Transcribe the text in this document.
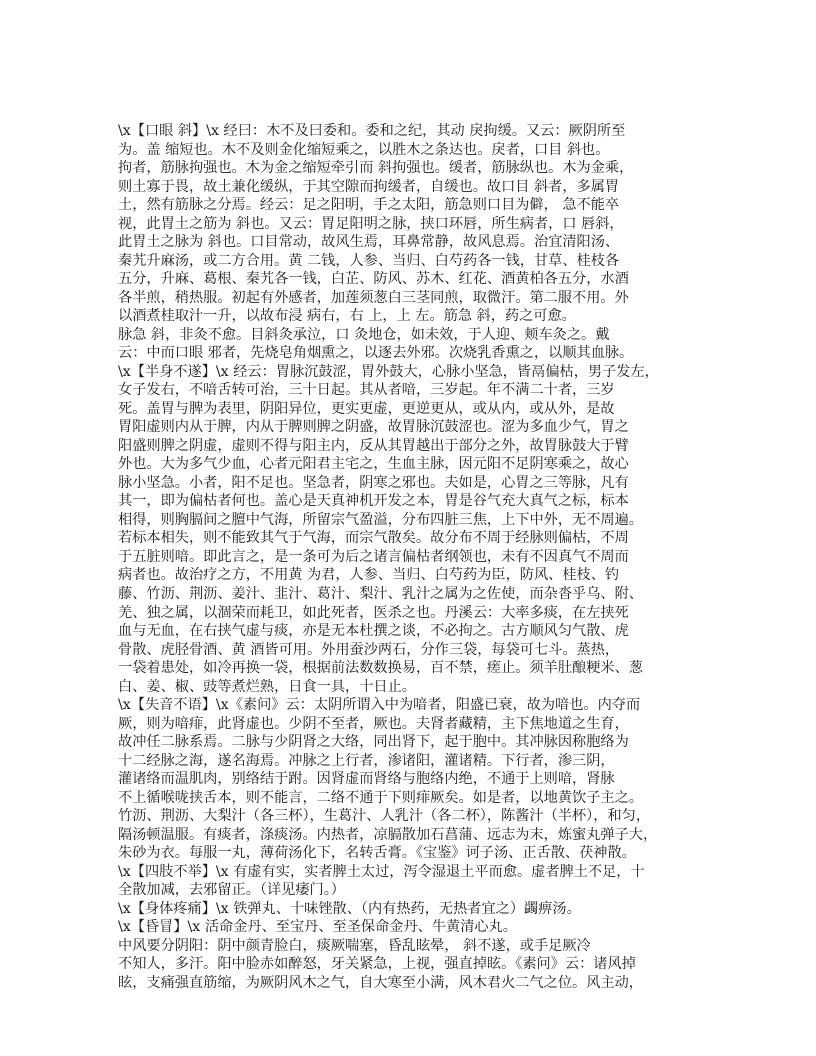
\x【口眼 斜】\x 经曰：木不及曰委和。委和之纪，其动 戾拘缓。又云：厥阴所至
为。盖 缩短也。木不及则金化缩短乘之，以胜木之条达也。戾者，口目 斜也。
拘者，筋脉拘强也。木为金之缩短牵引而 斜拘强也。缓者，筋脉纵也。木为金乘，
则土寡于畏，故土兼化缓纵，于其空隙而拘缓者，自缓也。故口目 斜者，多属胃
土，然有筋脉之分焉。经云：足之阳明，手之太阳，筋急则口目为僻， 急不能卒
视，此胃土之筋为 斜也。又云：胃足阳明之脉，挟口环唇，所生病者，口 唇斜，
此胃土之脉为 斜也。口目常动，故风生焉，耳鼻常静，故风息焉。治宜清阳汤、
秦艽升麻汤，或二方合用。黄 二钱，人参、当归、白芍药各一钱，甘草、桂枝各
五分，升麻、葛根、秦艽各一钱，白芷、防风、苏木、红花、酒黄柏各五分，水酒
各半煎，稍热服。初起有外感者，加莲须葱白三茎同煎，取微汗。第二服不用。外
以酒煮桂取汁一升，以故布浸 病右，右 上，上 左。筋急 斜，药之可愈。
脉急 斜，非灸不愈。目斜灸承泣，口 灸地仓，如未效，于人迎、颊车灸之。戴
云：中而口眼 邪者，先烧皂角烟熏之，以逐去外邪。次烧乳香熏之，以顺其血脉。
\x【半身不遂】\x 经云：胃脉沉鼓涩，胃外鼓大，心脉小坚急，皆鬲偏枯，男子发左，
女子发右，不喑舌转可治，三十日起。其从者喑，三岁起。年不满二十者，三岁
死。盖胃与脾为表里，阴阳异位，更实更虚，更逆更从，或从内，或从外，是故
胃阳虚则内从于脾，内从于脾则脾之阴盛，故胃脉沉鼓涩也。涩为多血少气，胃之
阳盛则脾之阴虚，虚则不得与阳主内，反从其胃越出于部分之外，故胃脉鼓大于臂
外也。大为多气少血，心者元阳君主宅之，生血主脉，因元阳不足阴寒乘之，故心
脉小坚急。小者，阳不足也。坚急者，阴寒之邪也。夫如是，心胃之三等脉，凡有
其一，即为偏枯者何也。盖心是天真神机开发之本，胃是谷气充大真气之标，标本
相得，则胸膈间之膻中气海，所留宗气盈溢，分布四脏三焦，上下中外，无不周遍。
若标本相失，则不能致其气于气海，而宗气散矣。故分布不周于经脉则偏枯，不周
于五脏则喑。即此言之，是一条可为后之诸言偏枯者纲领也，未有不因真气不周而
病者也。故治疗之方，不用黄 为君，人参、当归、白芍药为臣，防风、桂枝、钓
藤、竹沥、荆沥、姜汁、韭汁、葛汁、梨汁、乳汁之属为之佐使，而杂沓乎乌、附、
羌、独之属，以涸荣而耗卫，如此死者，医杀之也。丹溪云：大率多痰，在左挟死
血与无血，在右挟气虚与痰，亦是无本杜撰之谈，不必拘之。古方顺风匀气散、虎
骨散、虎胫骨酒、黄 酒皆可用。外用蚕沙两石，分作三袋，每袋可七斗。蒸热，
一袋着患处，如冷再换一袋，根据前法数数换易，百不禁，瘥止。须羊肚酿粳米、葱
白、姜、椒、豉等煮烂熟，日食一具，十日止。
\x【失音不语】\x《素问》云：太阴所谓入中为喑者，阳盛已衰，故为喑也。内夺而
厥，则为喑痱，此肾虚也。少阴不至者，厥也。夫肾者藏精，主下焦地道之生育，
故冲任二脉系焉。二脉与少阴肾之大络，同出肾下，起于胞中。其冲脉因称胞络为
十二经脉之海，遂名海焉。冲脉之上行者，渗诸阳，灌诸精。下行者，渗三阴，
灌诸络而温肌肉，别络结于跗。因肾虚而肾络与胞络内绝，不通于上则喑，肾脉
不上循喉咙挟舌本，则不能言，二络不通于下则痱厥矣。如是者，以地黄饮子主之。
竹沥、荆沥、大梨汁（各三杯），生葛汁、人乳汁（各二杯），陈酱汁（半杯），和匀，
隔汤顿温服。有痰者，涤痰汤。内热者，凉膈散加石菖蒲、远志为末，炼蜜丸弹子大，
朱砂为衣。每服一丸，薄荷汤化下，名转舌膏。《宝鉴》诃子汤、正舌散、茯神散。
\x【四肢不举】\x 有虚有实，实者脾土太过，泻令湿退土平而愈。虚者脾土不足，十
全散加减，去邪留正。（详见痿门。）
\x【身体疼痛】\x 铁弹丸、十味锉散、（内有热药，无热者宜之）蠲痹汤。
\x【昏冒】\x 活命金丹、至宝丹、至圣保命金丹、牛黄清心丸。
中风要分阴阳：阴中颜青脸白，痰厥喘塞，昏乱眩晕， 斜不遂，或手足厥冷
不知人，多汗。阳中脸赤如醉怒，牙关紧急，上视，强直掉眩。《素问》云：诸风掉
眩，支痛强直筋缩，为厥阴风木之气，自大寒至小满，风木君火二气之位。风主动，
